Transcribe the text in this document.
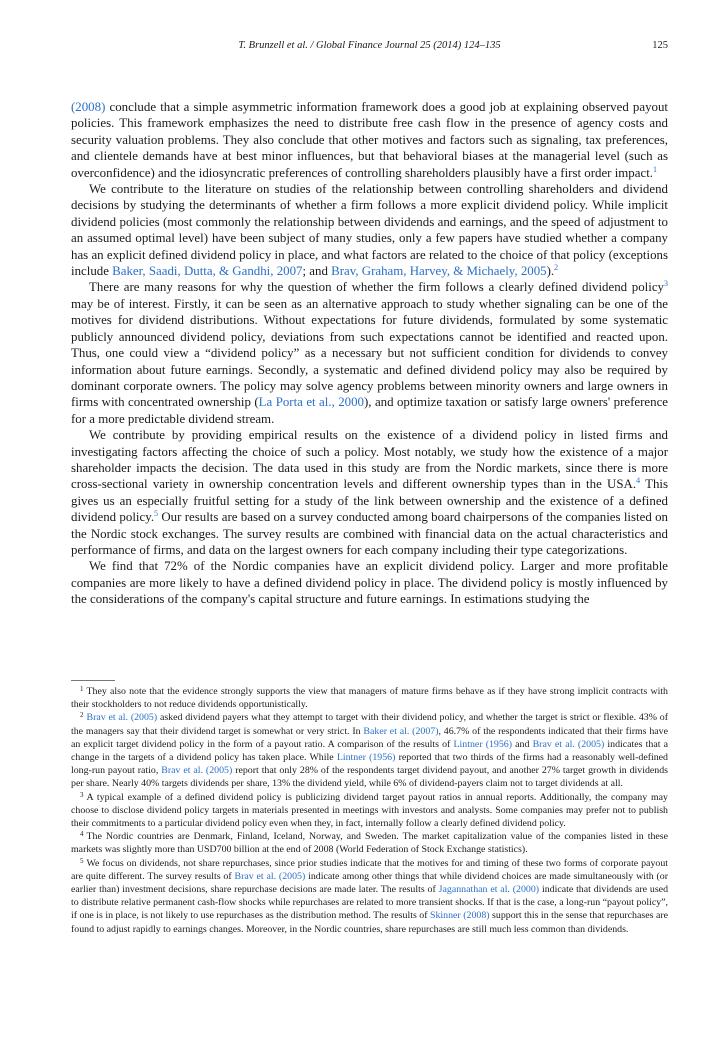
T. Brunzell et al. / Global Finance Journal 25 (2014) 124–135	125

(2008) conclude that a simple asymmetric information framework does a good job at explaining observed payout policies. This framework emphasizes the need to distribute free cash flow in the presence of agency costs and security valuation problems. They also conclude that other motives and factors such as signaling, tax preferences, and clientele demands have at best minor influences, but that behavioral biases at the managerial level (such as overconfidence) and the idiosyncratic preferences of controlling shareholders plausibly have a first order impact.$^1$

We contribute to the literature on studies of the relationship between controlling shareholders and dividend decisions by studying the determinants of whether a firm follows a more explicit dividend policy. While implicit dividend policies (most commonly the relationship between dividends and earnings, and the speed of adjustment to an assumed optimal level) have been subject of many studies, only a few papers have studied whether a company has an explicit defined dividend policy in place, and what factors are related to the choice of that policy (exceptions include Baker, Saadi, Dutta, & Gandhi, 2007; and Brav, Graham, Harvey, & Michaely, 2005).$^2$

There are many reasons for why the question of whether the firm follows a clearly defined dividend policy$^3$ may be of interest. Firstly, it can be seen as an alternative approach to study whether signaling can be one of the motives for dividend distributions. Without expectations for future dividends, formulated by some systematic publicly announced dividend policy, deviations from such expectations cannot be identified and reacted upon. Thus, one could view a “dividend policy” as a necessary but not sufficient condition for dividends to convey information about future earnings. Secondly, a systematic and defined dividend policy may also be required by dominant corporate owners. The policy may solve agency problems between minority owners and large owners in firms with concentrated ownership (La Porta et al., 2000), and optimize taxation or satisfy large owners' preference for a more predictable dividend stream.

We contribute by providing empirical results on the existence of a dividend policy in listed firms and investigating factors affecting the choice of such a policy. Most notably, we study how the existence of a major shareholder impacts the decision. The data used in this study are from the Nordic markets, since there is more cross-sectional variety in ownership concentration levels and different ownership types than in the USA.$^4$ This gives us an especially fruitful setting for a study of the link between ownership and the existence of a defined dividend policy.$^5$ Our results are based on a survey conducted among board chairpersons of the companies listed on the Nordic stock exchanges. The survey results are combined with financial data on the actual characteristics and performance of firms, and data on the largest owners for each company including their type categorizations.

We find that 72% of the Nordic companies have an explicit dividend policy. Larger and more profitable companies are more likely to have a defined dividend policy in place. The dividend policy is mostly influenced by the considerations of the company's capital structure and future earnings. In estimations studying the

$^1$ They also note that the evidence strongly supports the view that managers of mature firms behave as if they have strong implicit contracts with their stockholders to not reduce dividends opportunistically.

$^2$ Brav et al. (2005) asked dividend payers what they attempt to target with their dividend policy, and whether the target is strict or flexible. 43% of the managers say that their dividend target is somewhat or very strict. In Baker et al. (2007), 46.7% of the respondents indicated that their firms have an explicit target dividend policy in the form of a payout ratio. A comparison of the results of Lintner (1956) and Brav et al. (2005) indicates that a change in the targets of a dividend policy has taken place. While Lintner (1956) reported that two thirds of the firms had a reasonably well-defined long-run payout ratio, Brav et al. (2005) report that only 28% of the respondents target dividend payout, and another 27% target growth in dividends per share. Nearly 40% targets dividends per share, 13% the dividend yield, while 6% of dividend-payers claim not to target dividends at all.

$^3$ A typical example of a defined dividend policy is publicizing dividend target payout ratios in annual reports. Additionally, the company may choose to disclose dividend policy targets in materials presented in meetings with investors and analysts. Some companies may prefer not to publish their commitments to a particular dividend policy even when they, in fact, internally follow a clearly defined dividend policy.

$^4$ The Nordic countries are Denmark, Finland, Iceland, Norway, and Sweden. The market capitalization value of the companies listed in these markets was slightly more than USD700 billion at the end of 2008 (World Federation of Stock Exchange statistics).

$^5$ We focus on dividends, not share repurchases, since prior studies indicate that the motives for and timing of these two forms of corporate payout are quite different. The survey results of Brav et al. (2005) indicate among other things that while dividend choices are made simultaneously with (or earlier than) investment decisions, share repurchase decisions are made later. The results of Jagannathan et al. (2000) indicate that dividends are used to distribute relative permanent cash-flow shocks while repurchases are related to more transient shocks. If that is the case, a long-run “payout policy”, if one is in place, is not likely to use repurchases as the distribution method. The results of Skinner (2008) support this in the sense that repurchases are found to adjust rapidly to earnings changes. Moreover, in the Nordic countries, share repurchases are still much less common than dividends.
